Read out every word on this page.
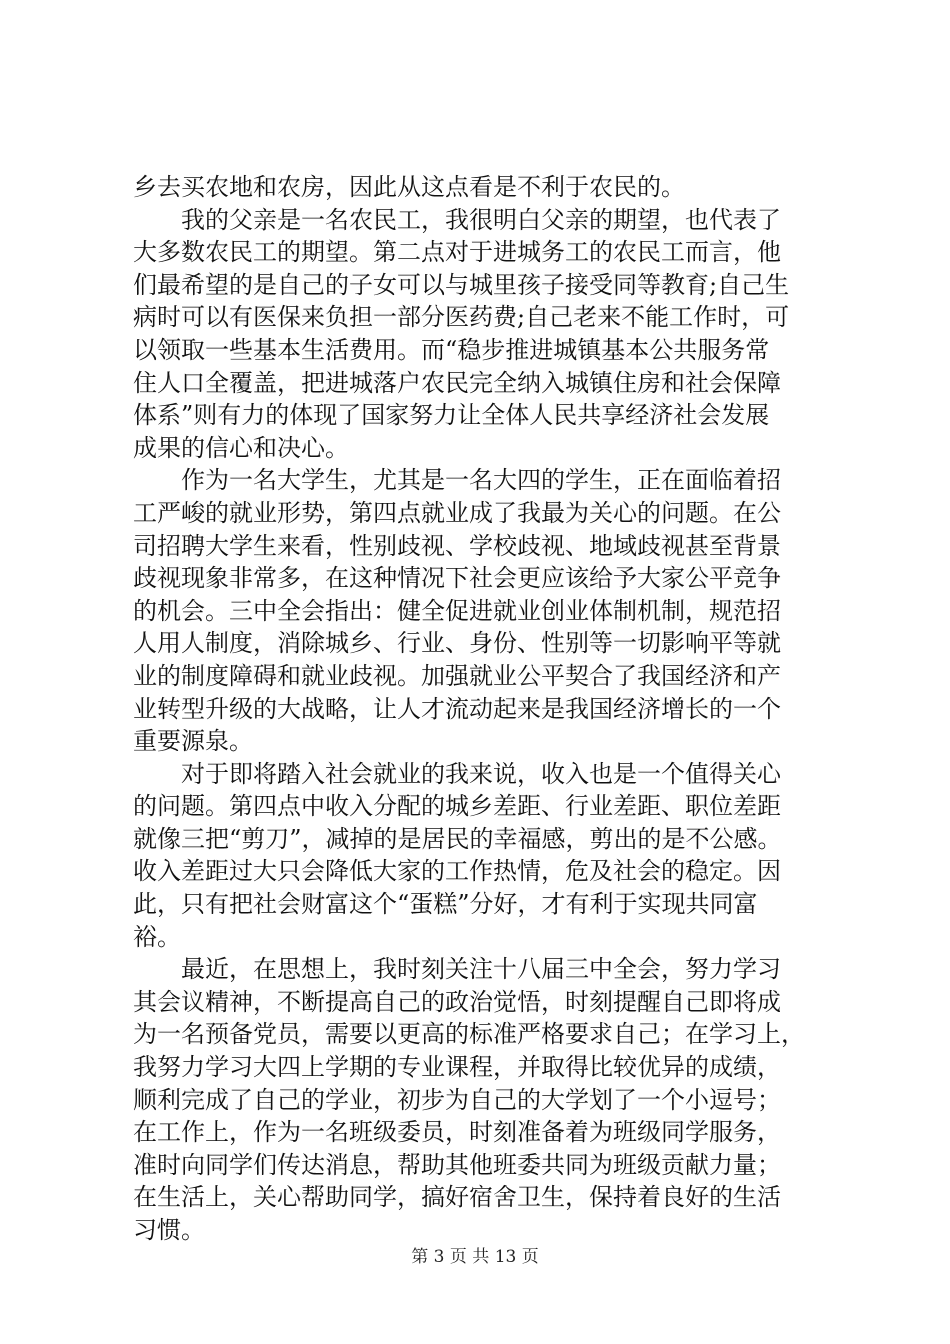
乡去买农地和农房，因此从这点看是不利于农民的。
我的父亲是一名农民工，我很明白父亲的期望，也代表了
大多数农民工的期望。第二点对于进城务工的农民工而言，他
们最希望的是自己的子女可以与城里孩子接受同等教育;自己生
病时可以有医保来负担一部分医药费;自己老来不能工作时，可
以领取一些基本生活费用。而“稳步推进城镇基本公共服务常
住人口全覆盖，把进城落户农民完全纳入城镇住房和社会保障
体系”则有力的体现了国家努力让全体人民共享经济社会发展
成果的信心和决心。
作为一名大学生，尤其是一名大四的学生，正在面临着招
工严峻的就业形势，第四点就业成了我最为关心的问题。在公
司招聘大学生来看，性别歧视、学校歧视、地域歧视甚至背景
歧视现象非常多，在这种情况下社会更应该给予大家公平竞争
的机会。三中全会指出：健全促进就业创业体制机制，规范招
人用人制度，消除城乡、行业、身份、性别等一切影响平等就
业的制度障碍和就业歧视。加强就业公平契合了我国经济和产
业转型升级的大战略，让人才流动起来是我国经济增长的一个
重要源泉。
对于即将踏入社会就业的我来说，收入也是一个值得关心
的问题。第四点中收入分配的城乡差距、行业差距、职位差距
就像三把“剪刀”，减掉的是居民的幸福感，剪出的是不公感。
收入差距过大只会降低大家的工作热情，危及社会的稳定。因
此，只有把社会财富这个“蛋糕”分好，才有利于实现共同富
裕。
最近，在思想上，我时刻关注十八届三中全会，努力学习
其会议精神，不断提高自己的政治觉悟，时刻提醒自己即将成
为一名预备党员，需要以更高的标准严格要求自己；在学习上，
我努力学习大四上学期的专业课程，并取得比较优异的成绩，
顺利完成了自己的学业，初步为自己的大学划了一个小逗号；
在工作上，作为一名班级委员，时刻准备着为班级同学服务，
准时向同学们传达消息，帮助其他班委共同为班级贡献力量；
在生活上，关心帮助同学，搞好宿舍卫生，保持着良好的生活
习惯。
第 3 页 共 13 页
